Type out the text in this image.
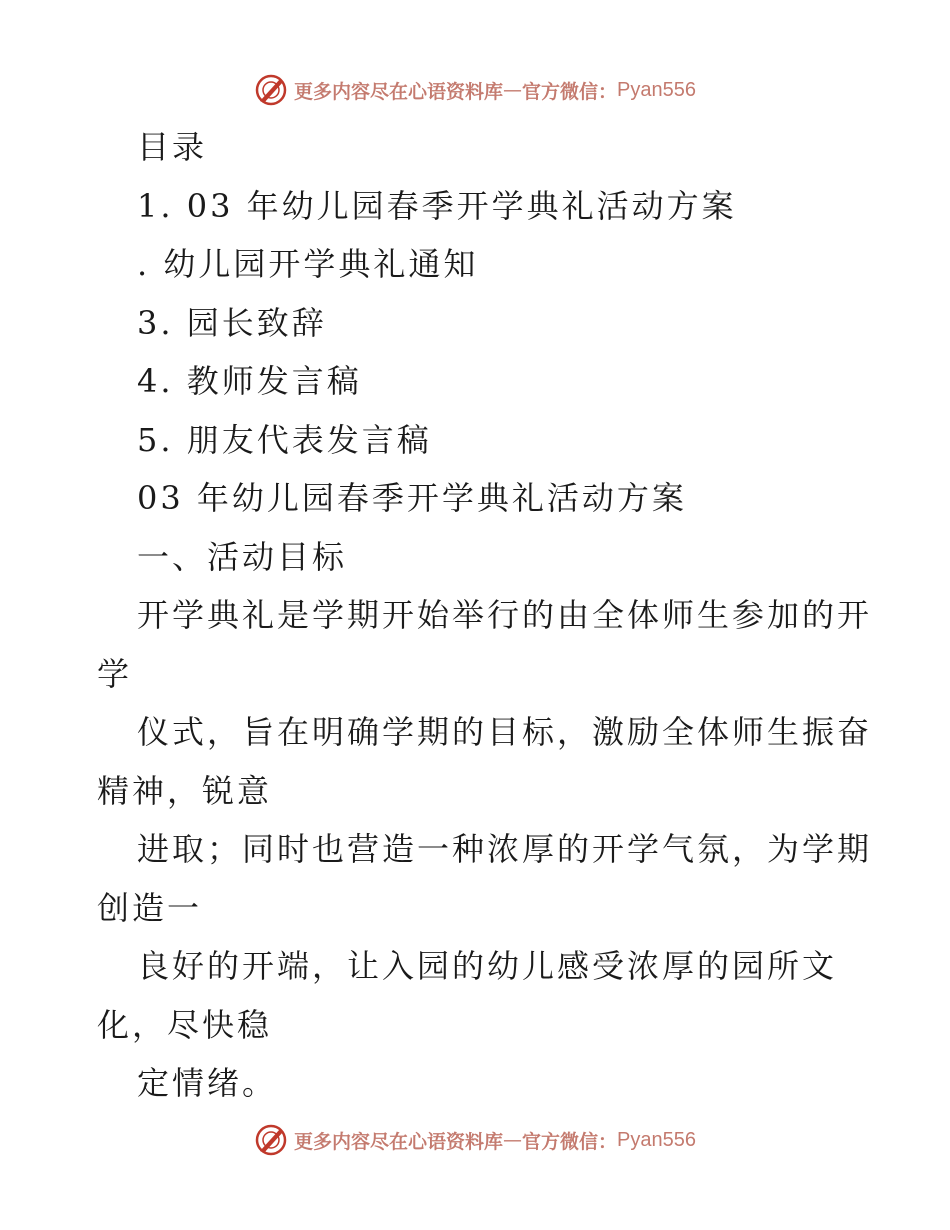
更多内容尽在心语资料库 — 官方微信： Pyan556
目录
1. 03 年幼儿园春季开学典礼活动方案
. 幼儿园开学典礼通知
3. 园长致辞
4. 教师发言稿
5. 朋友代表发言稿
03 年幼儿园春季开学典礼活动方案
一、活动目标
开学典礼是学期开始举行的由全体师生参加的开
学
仪式，旨在明确学期的目标，激励全体师生振奋
精神，锐意
进取；同时也营造一种浓厚的开学气氛，为学期
创造一
良好的开端，让入园的幼儿感受浓厚的园所文
化，尽快稳
定情绪。
更多内容尽在心语资料库 — 官方微信： Pyan556
